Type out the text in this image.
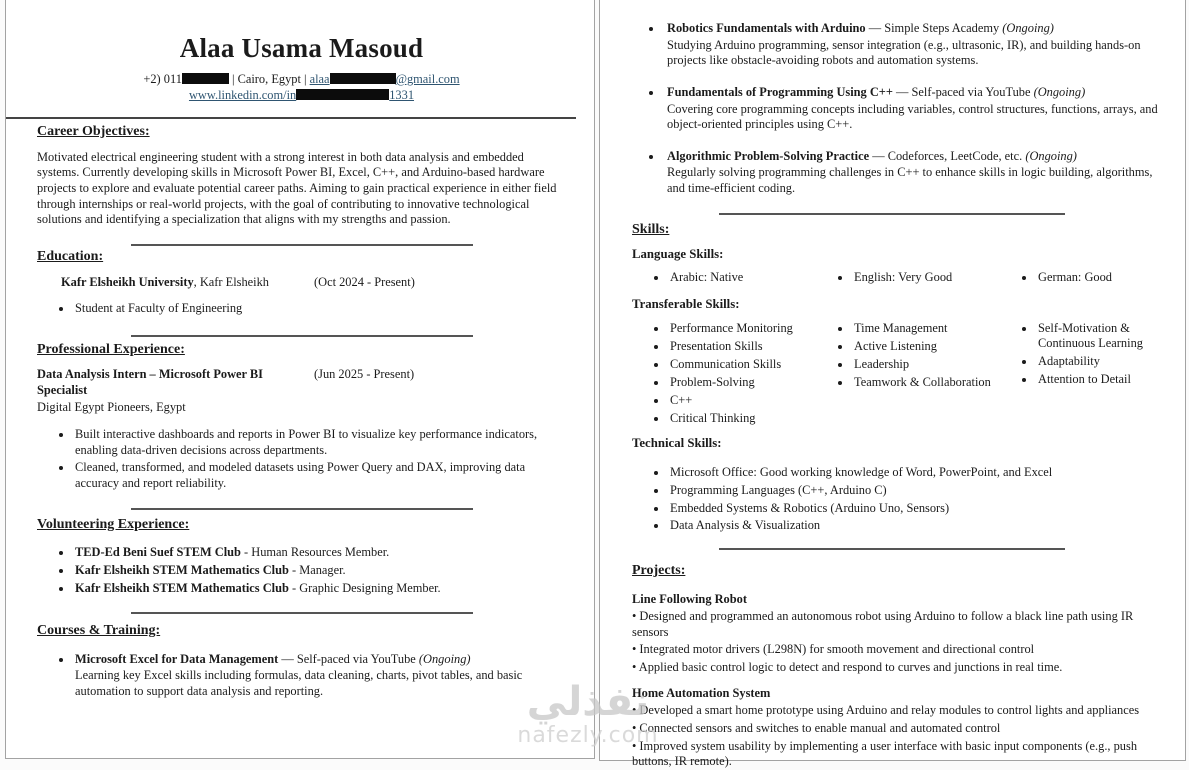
Alaa Usama Masoud
+2) 011	| Cairo, Egypt | alaa	@gmail.com
www.linkedin.com/in	1331
Career Objectives:
Motivated electrical engineering student with a strong interest in both data analysis and embedded systems. Currently developing skills in Microsoft Power BI, Excel, C++, and Arduino-based hardware projects to explore and evaluate potential career paths. Aiming to gain practical experience in either field through internships or real-world projects, with the goal of contributing to innovative technological solutions and identifying a specialization that aligns with my strengths and passion.
Education:
Kafr Elsheikh University, Kafr Elsheikh	(Oct 2024 - Present)
• Student at Faculty of Engineering
Professional Experience:
Data Analysis Intern – Microsoft Power BI Specialist
(Jun 2025 - Present)
Digital Egypt Pioneers, Egypt
• Built interactive dashboards and reports in Power BI to visualize key performance indicators, enabling data-driven decisions across departments.
• Cleaned, transformed, and modeled datasets using Power Query and DAX, improving data accuracy and report reliability.
Volunteering Experience:
• TED-Ed Beni Suef STEM Club - Human Resources Member.
• Kafr Elsheikh STEM Mathematics Club - Manager.
• Kafr Elsheikh STEM Mathematics Club - Graphic Designing Member.
Courses & Training:
• Microsoft Excel for Data Management — Self-paced via YouTube (Ongoing)
Learning key Excel skills including formulas, data cleaning, charts, pivot tables, and basic automation to support data analysis and reporting.
• Robotics Fundamentals with Arduino — Simple Steps Academy (Ongoing)
Studying Arduino programming, sensor integration (e.g., ultrasonic, IR), and building hands-on projects like obstacle-avoiding robots and automation systems.
• Fundamentals of Programming Using C++ — Self-paced via YouTube (Ongoing)
Covering core programming concepts including variables, control structures, functions, arrays, and object-oriented principles using C++.
• Algorithmic Problem-Solving Practice — Codeforces, LeetCode, etc. (Ongoing)
Regularly solving programming challenges in C++ to enhance skills in logic building, algorithms, and time-efficient coding.
Skills:
Language Skills:
• Arabic: Native	• English: Very Good	• German: Good
Transferable Skills:
• Performance Monitoring
• Presentation Skills
• Communication Skills
• Problem-Solving
• C++
• Critical Thinking
• Time Management
• Active Listening
• Leadership
• Teamwork & Collaboration
• Self-Motivation & Continuous Learning
• Adaptability
• Attention to Detail
Technical Skills:
• Microsoft Office: Good working knowledge of Word, PowerPoint, and Excel
• Programming Languages (C++, Arduino C)
• Embedded Systems & Robotics (Arduino Uno, Sensors)
• Data Analysis & Visualization
Projects:
Line Following Robot
• Designed and programmed an autonomous robot using Arduino to follow a black line path using IR sensors
• Integrated motor drivers (L298N) for smooth movement and directional control
• Applied basic control logic to detect and respond to curves and junctions in real time.
Home Automation System
• Developed a smart home prototype using Arduino and relay modules to control lights and appliances
• Connected sensors and switches to enable manual and automated control
• Improved system usability by implementing a user interface with basic input components (e.g., push buttons, IR remote).
نفذلي
nafezly.com
